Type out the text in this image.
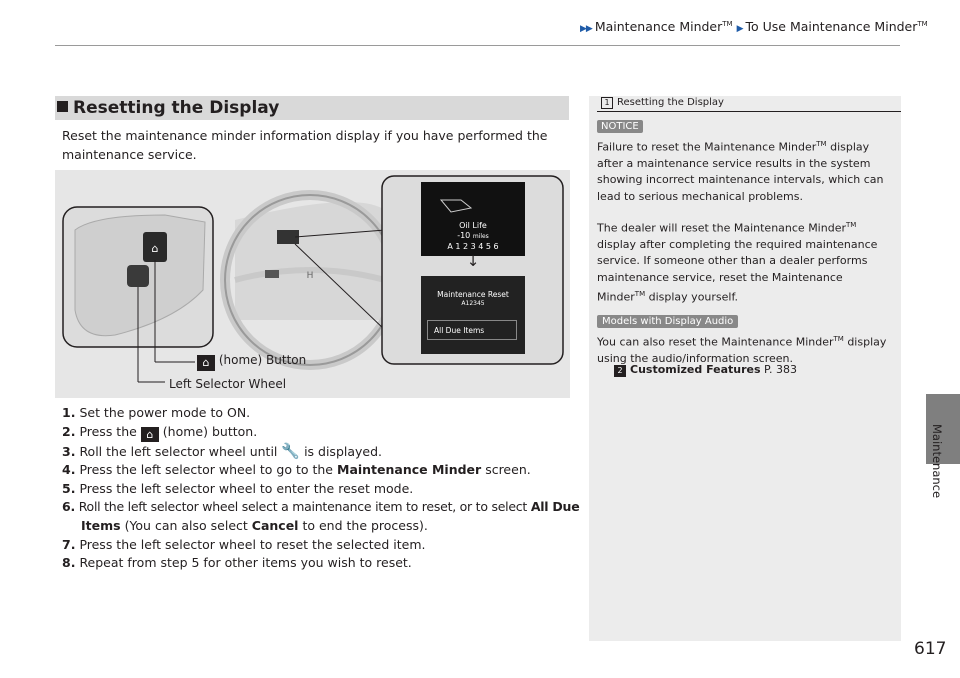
▶▶ Maintenance Minder™ ▶ To Use Maintenance Minder™
Maintenance
617
Resetting the Display
Reset the maintenance minder information display if you have performed the maintenance service.
H
⌂
↓
Oil Life
-10 miles
A 1 2 3 4 5 6
Maintenance Reset
A12345
All Due Items
⌂ (home) Button
Left Selector Wheel
1. Set the power mode to ON.
2. Press the ⌂ (home) button.
3. Roll the left selector wheel until 🔧 is displayed.
4. Press the left selector wheel to go to the Maintenance Minder screen.
5. Press the left selector wheel to enter the reset mode.
6. Roll the left selector wheel select a maintenance item to reset, or to select All Due
Items (You can also select Cancel to end the process).
7. Press the left selector wheel to reset the selected item.
8. Repeat from step 5 for other items you wish to reset.
1 Resetting the Display
NOTICE
Failure to reset the Maintenance Minder™ display after a maintenance service results in the system showing incorrect maintenance intervals, which can lead to serious mechanical problems.
The dealer will reset the Maintenance Minder™ display after completing the required maintenance service. If someone other than a dealer performs maintenance service, reset the Maintenance Minder™ display yourself.
Models with Display Audio
You can also reset the Maintenance Minder™ display using the audio/information screen.
2 Customized Features P. 383
